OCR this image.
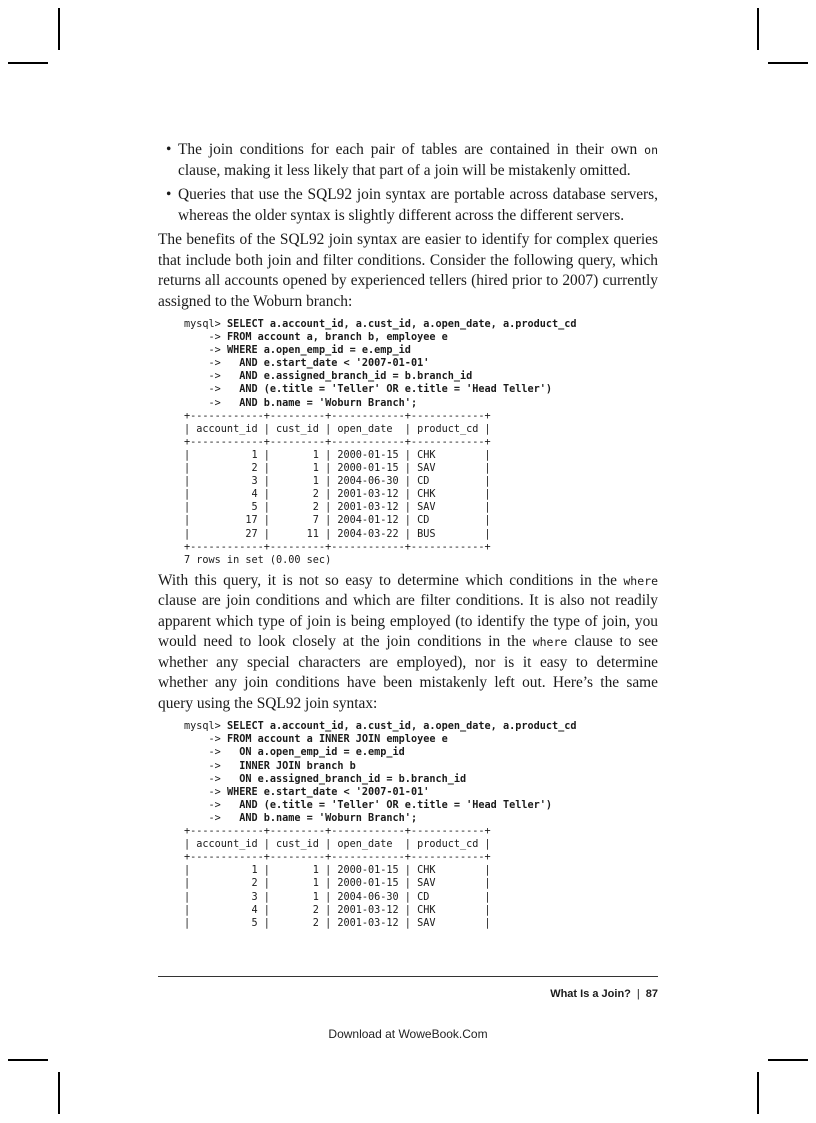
• The join conditions for each pair of tables are contained in their own on clause, making it less likely that part of a join will be mistakenly omitted.
• Queries that use the SQL92 join syntax are portable across database servers, whereas the older syntax is slightly different across the different servers.

The benefits of the SQL92 join syntax are easier to identify for complex queries that include both join and filter conditions. Consider the following query, which returns all accounts opened by experienced tellers (hired prior to 2007) currently assigned to the Woburn branch:

mysql> SELECT a.account_id, a.cust_id, a.open_date, a.product_cd
-> FROM account a, branch b, employee e
-> WHERE a.open_emp_id = e.emp_id
->   AND e.start_date < '2007-01-01'
->   AND e.assigned_branch_id = b.branch_id
->   AND (e.title = 'Teller' OR e.title = 'Head Teller')
->   AND b.name = 'Woburn Branch';
+------------+---------+------------+------------+
| account_id | cust_id | open_date  | product_cd |
+------------+---------+------------+------------+
|          1 |       1 | 2000-01-15 | CHK        |
|          2 |       1 | 2000-01-15 | SAV        |
|          3 |       1 | 2004-06-30 | CD         |
|          4 |       2 | 2001-03-12 | CHK        |
|          5 |       2 | 2001-03-12 | SAV        |
|         17 |       7 | 2004-01-12 | CD         |
|         27 |      11 | 2004-03-22 | BUS        |
+------------+---------+------------+------------+
7 rows in set (0.00 sec)

With this query, it is not so easy to determine which conditions in the where clause are join conditions and which are filter conditions. It is also not readily apparent which type of join is being employed (to identify the type of join, you would need to look closely at the join conditions in the where clause to see whether any special characters are employed), nor is it easy to determine whether any join conditions have been mistakenly left out. Here’s the same query using the SQL92 join syntax:

mysql> SELECT a.account_id, a.cust_id, a.open_date, a.product_cd
-> FROM account a INNER JOIN employee e
->   ON a.open_emp_id = e.emp_id
->   INNER JOIN branch b
->   ON e.assigned_branch_id = b.branch_id
-> WHERE e.start_date < '2007-01-01'
->   AND (e.title = 'Teller' OR e.title = 'Head Teller')
->   AND b.name = 'Woburn Branch';
+------------+---------+------------+------------+
| account_id | cust_id | open_date  | product_cd |
+------------+---------+------------+------------+
|          1 |       1 | 2000-01-15 | CHK        |
|          2 |       1 | 2000-01-15 | SAV        |
|          3 |       1 | 2004-06-30 | CD         |
|          4 |       2 | 2001-03-12 | CHK        |
|          5 |       2 | 2001-03-12 | SAV        |
What Is a Join? | 87
Download at WoweBook.Com
